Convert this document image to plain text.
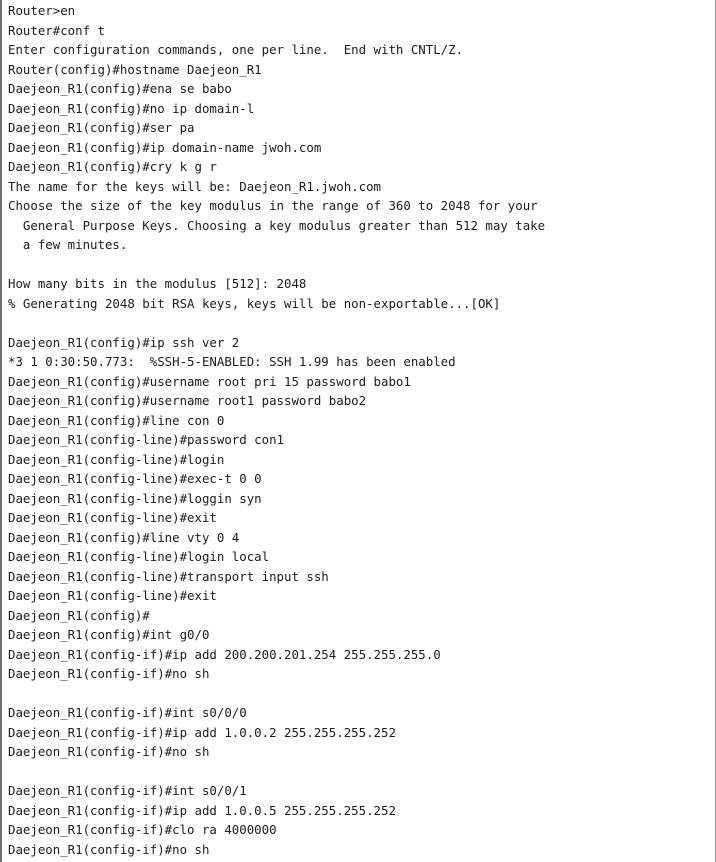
Router>en
Router#conf t
Enter configuration commands, one per line.  End with CNTL/Z.
Router(config)#hostname Daejeon_R1
Daejeon_R1(config)#ena se babo
Daejeon_R1(config)#no ip domain-l
Daejeon_R1(config)#ser pa
Daejeon_R1(config)#ip domain-name jwoh.com
Daejeon_R1(config)#cry k g r
The name for the keys will be: Daejeon_R1.jwoh.com
Choose the size of the key modulus in the range of 360 to 2048 for your
General Purpose Keys. Choosing a key modulus greater than 512 may take
a few minutes.
How many bits in the modulus [512]: 2048
% Generating 2048 bit RSA keys, keys will be non-exportable...[OK]
Daejeon_R1(config)#ip ssh ver 2
*3 1 0:30:50.773:  %SSH-5-ENABLED: SSH 1.99 has been enabled
Daejeon_R1(config)#username root pri 15 password babo1
Daejeon_R1(config)#username root1 password babo2
Daejeon_R1(config)#line con 0
Daejeon_R1(config-line)#password con1
Daejeon_R1(config-line)#login
Daejeon_R1(config-line)#exec-t 0 0
Daejeon_R1(config-line)#loggin syn
Daejeon_R1(config-line)#exit
Daejeon_R1(config)#line vty 0 4
Daejeon_R1(config-line)#login local
Daejeon_R1(config-line)#transport input ssh
Daejeon_R1(config-line)#exit
Daejeon_R1(config)#
Daejeon_R1(config)#int g0/0
Daejeon_R1(config-if)#ip add 200.200.201.254 255.255.255.0
Daejeon_R1(config-if)#no sh
Daejeon_R1(config-if)#int s0/0/0
Daejeon_R1(config-if)#ip add 1.0.0.2 255.255.255.252
Daejeon_R1(config-if)#no sh
Daejeon_R1(config-if)#int s0/0/1
Daejeon_R1(config-if)#ip add 1.0.0.5 255.255.255.252
Daejeon_R1(config-if)#clo ra 4000000
Daejeon_R1(config-if)#no sh
